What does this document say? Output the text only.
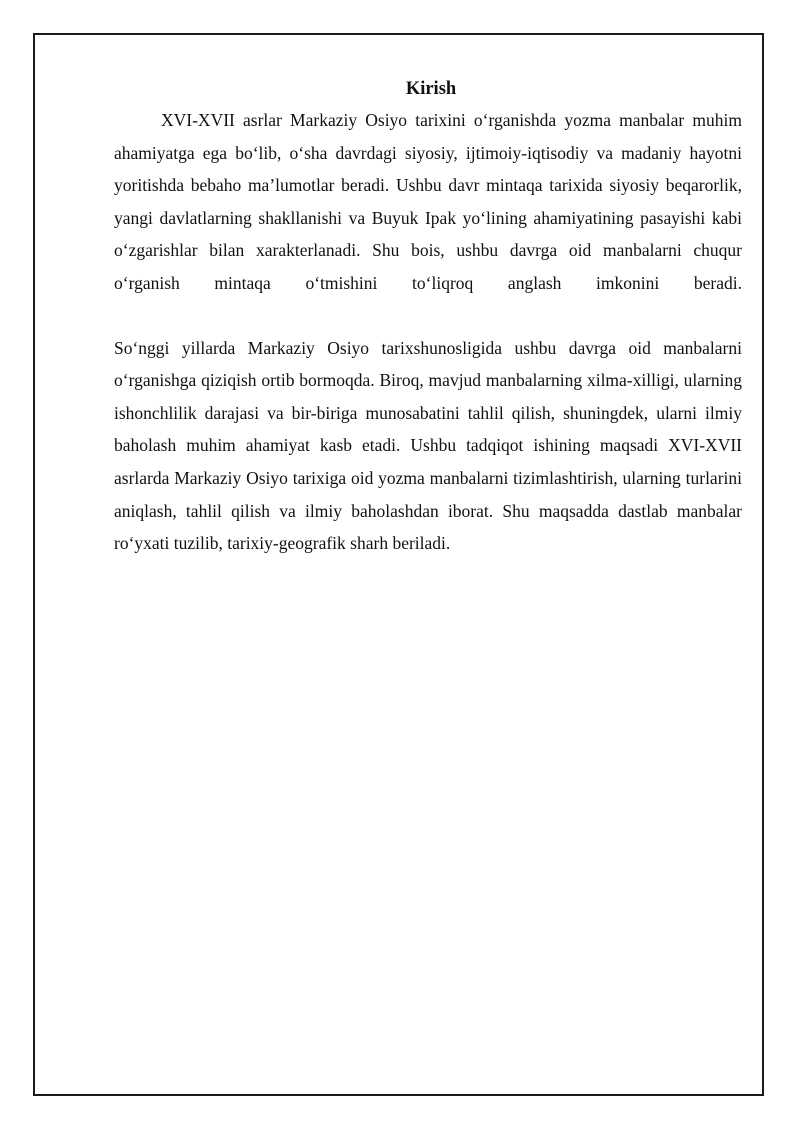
Kirish

XVI-XVII asrlar Markaziy Osiyo tarixini o‘rganishda yozma manbalar muhim ahamiyatga ega bo‘lib, o‘sha davrdagi siyosiy, ijtimoiy-iqtisodiy va madaniy hayotni yoritishda bebaho ma’lumotlar beradi. Ushbu davr mintaqa tarixida siyosiy beqarorlik, yangi davlatlarning shakllanishi va Buyuk Ipak yo‘lining ahamiyatining pasayishi kabi o‘zgarishlar bilan xarakterlanadi. Shu bois, ushbu davrga oid manbalarni chuqur o‘rganish mintaqa o‘tmishini to‘liqroq anglash imkonini beradi.

So‘nggi yillarda Markaziy Osiyo tarixshunosligida ushbu davrga oid manbalarni o‘rganishga qiziqish ortib bormoqda. Biroq, mavjud manbalarning xilma-xilligi, ularning ishonchlilik darajasi va bir-biriga munosabatini tahlil qilish, shuningdek, ularni ilmiy baholash muhim ahamiyat kasb etadi. Ushbu tadqiqot ishining maqsadi XVI-XVII asrlarda Markaziy Osiyo tarixiga oid yozma manbalarni tizimlashtirish, ularning turlarini aniqlash, tahlil qilish va ilmiy baholashdan iborat. Shu maqsadda dastlab manbalar ro‘yxati tuzilib, tarixiy-geografik sharh beriladi.
